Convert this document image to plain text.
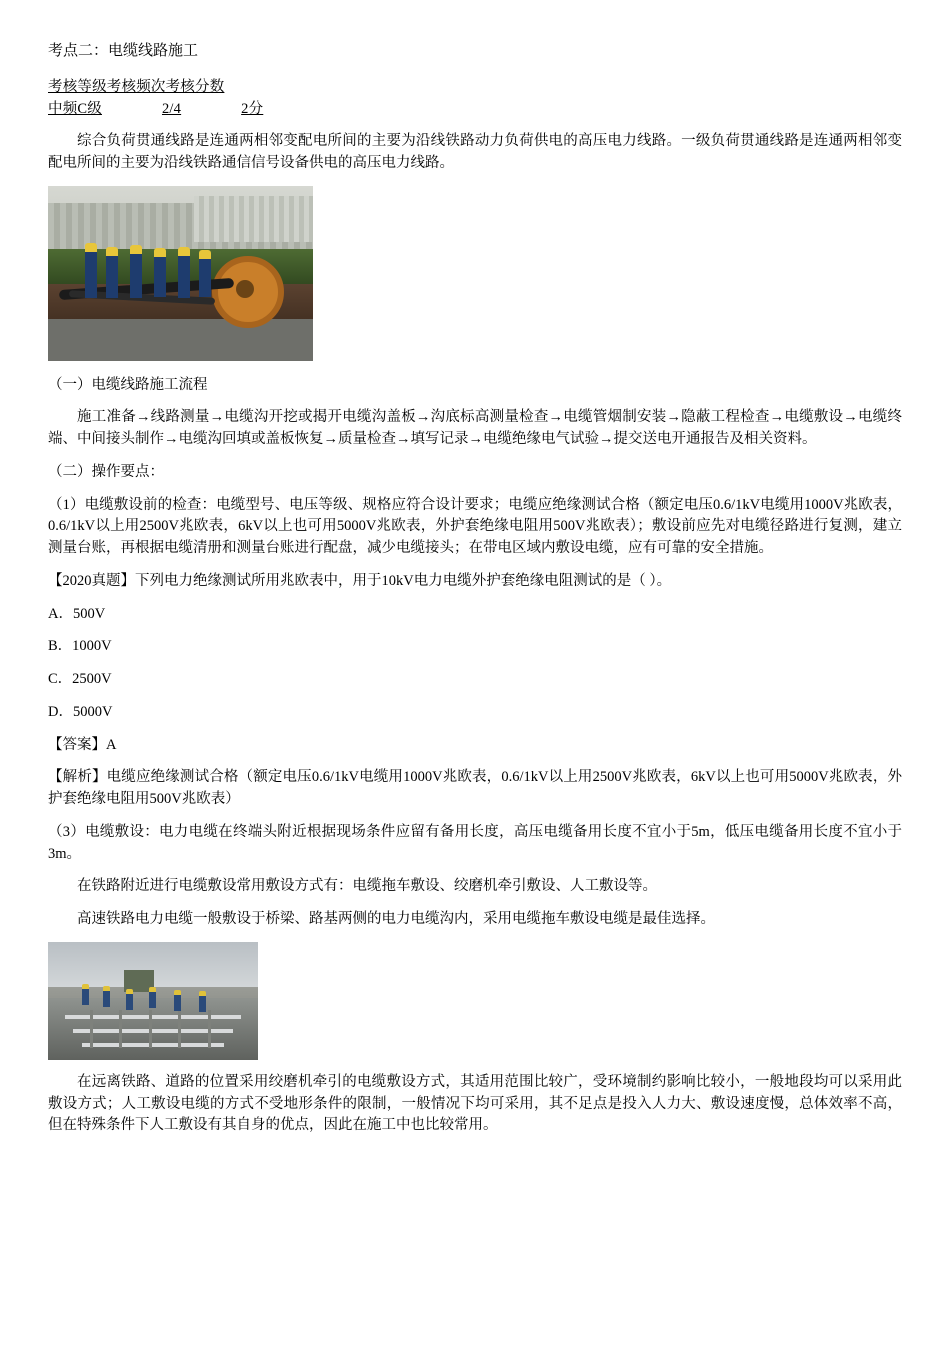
考点二：电缆线路施工
考核等级考核频次考核分数
中频C级	2/4	2分

综合负荷贯通线路是连通两相邻变配电所间的主要为沿线铁路动力负荷供电的高压电力线路。一级负荷贯通线路是连通两相邻变配电所间的主要为沿线铁路通信信号设备供电的高压电力线路。

（一）电缆线路施工流程

施工准备→线路测量→电缆沟开挖或揭开电缆沟盖板→沟底标高测量检查→电缆管烟制安装→隐蔽工程检查→电缆敷设→电缆终端、中间接头制作→电缆沟回填或盖板恢复→质量检查→填写记录→电缆绝缘电气试验→提交送电开通报告及相关资料。

（二）操作要点：

（1）电缆敷设前的检查：电缆型号、电压等级、规格应符合设计要求；电缆应绝缘测试合格（额定电压0.6/1kV电缆用1000V兆欧表，0.6/1kV以上用2500V兆欧表，6kV以上也可用5000V兆欧表，外护套绝缘电阻用500V兆欧表）；敷设前应先对电缆径路进行复测，建立测量台账，再根据电缆清册和测量台账进行配盘，减少电缆接头；在带电区域内敷设电缆，应有可靠的安全措施。

【2020真题】下列电力绝缘测试所用兆欧表中，用于10kV电力电缆外护套绝缘电阻测试的是（ ）。

A．500V

B．1000V

C．2500V

D．5000V

【答案】A

【解析】电缆应绝缘测试合格（额定电压0.6/1kV电缆用1000V兆欧表，0.6/1kV以上用2500V兆欧表，6kV以上也可用5000V兆欧表，外护套绝缘电阻用500V兆欧表）

（3）电缆敷设：电力电缆在终端头附近根据现场条件应留有备用长度，高压电缆备用长度不宜小于5m，低压电缆备用长度不宜小于3m。

在铁路附近进行电缆敷设常用敷设方式有：电缆拖车敷设、绞磨机牵引敷设、人工敷设等。

高速铁路电力电缆一般敷设于桥梁、路基两侧的电力电缆沟内，采用电缆拖车敷设电缆是最佳选择。

在远离铁路、道路的位置采用绞磨机牵引的电缆敷设方式，其适用范围比较广，受环境制约影响比较小，一般地段均可以采用此敷设方式；人工敷设电缆的方式不受地形条件的限制，一般情况下均可采用，其不足点是投入人力大、敷设速度慢，总体效率不高，但在特殊条件下人工敷设有其自身的优点，因此在施工中也比较常用。
